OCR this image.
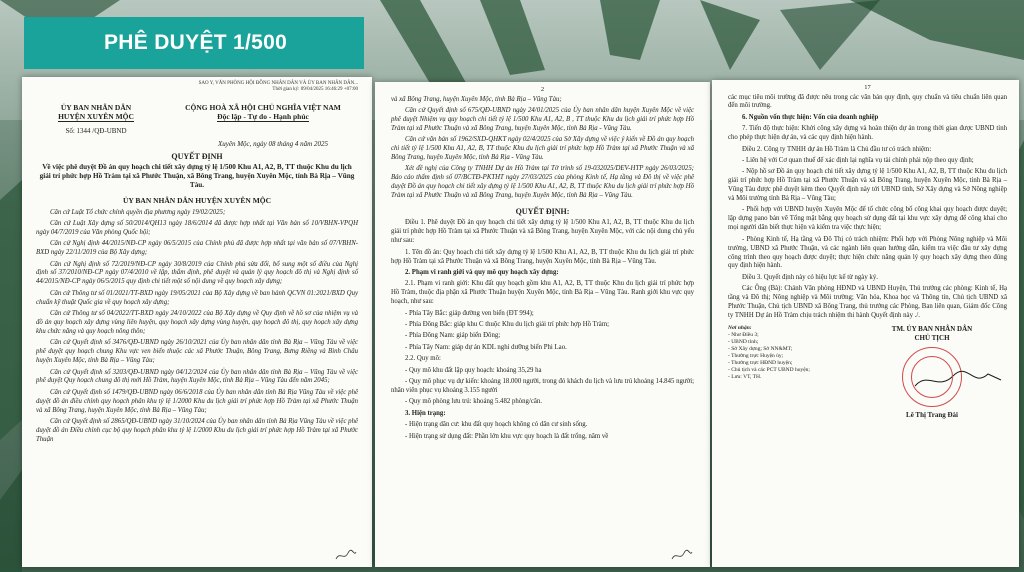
PHÊ DUYỆT 1/500
SAO Y, VĂN PHÒNG HỘI ĐỒNG NHÂN DÂN VÀ ỦY BAN NHÂN DÂN...
Thời gian ký: 09/04/2025 16:46:29 +07:00
ỦY BAN NHÂN DÂN
HUYỆN XUYÊN MỘC
Số: 1344 /QĐ-UBND
CỘNG HOÀ XÃ HỘI CHỦ NGHĨA VIỆT NAM
Độc lập - Tự do - Hạnh phúc
Xuyên Mộc, ngày 08 tháng 4 năm 2025
QUYẾT ĐỊNH
Về việc phê duyệt Đồ án quy hoạch chi tiết xây dựng tỷ lệ 1/500 Khu A1, A2, B, TT thuộc Khu du lịch giải trí phức hợp Hồ Tràm tại xã Phước Thuận, xã Bông Trang, huyện Xuyên Mộc, tỉnh Bà Rịa – Vũng Tàu.
ỦY BAN NHÂN DÂN HUYỆN XUYÊN MỘC
Căn cứ Luật Tổ chức chính quyền địa phương ngày 19/02/2025;
Căn cứ Luật Xây dựng số 50/2014/QH13 ngày 18/6/2014 đã được hợp nhất tại Văn bản số 10/VBHN-VPQH ngày 04/7/2019 của Văn phòng Quốc hội;
Căn cứ Nghị định 44/2015/NĐ-CP ngày 06/5/2015 của Chính phủ đã được hợp nhất tại văn bản số 07/VBHN-BXD ngày 22/11/2019 của Bộ Xây dựng;
Căn cứ Nghị định số 72/2019/NĐ-CP ngày 30/8/2019 của Chính phủ sửa đổi, bổ sung một số điều của Nghị định số 37/2010/NĐ-CP ngày 07/4/2010 về lập, thẩm định, phê duyệt và quản lý quy hoạch đô thị và Nghị định số 44/2015/NĐ-CP ngày 06/5/2015 quy định chi tiết một số nội dung về quy hoạch xây dựng;
Căn cứ Thông tư số 01/2021/TT-BXD ngày 19/05/2021 của Bộ Xây dựng về ban hành QCVN 01:2021/BXD Quy chuẩn kỹ thuật Quốc gia về quy hoạch xây dựng;
Căn cứ Thông tư số 04/2022/TT-BXD ngày 24/10/2022 của Bộ Xây dựng về Quy định về hồ sơ của nhiệm vụ và đồ án quy hoạch xây dựng vùng liên huyện, quy hoạch xây dựng vùng huyện, quy hoạch đô thị, quy hoạch xây dựng khu chức năng và quy hoạch nông thôn;
Căn cứ Quyết định số 3476/QĐ-UBND ngày 26/10/2021 của Ủy ban nhân dân tỉnh Bà Rịa – Vũng Tàu về việc phê duyệt quy hoạch chung Khu vực ven biển thuộc các xã Phước Thuận, Bông Trang, Bưng Riềng và Bình Châu huyện Xuyên Mộc, tỉnh Bà Rịa – Vũng Tàu;
Căn cứ Quyết định số 3203/QĐ-UBND ngày 04/12/2024 của Ủy ban nhân dân tỉnh Bà Rịa – Vũng Tàu về việc phê duyệt Quy hoạch chung đô thị mới Hồ Tràm, huyện Xuyên Mộc, tỉnh Bà Rịa – Vũng Tàu đến năm 2045;
Căn cứ Quyết định số 1479/QĐ-UBND ngày 06/6/2018 của Ủy ban nhân dân tỉnh Bà Rịa Vũng Tàu về việc phê duyệt đồ án điều chỉnh quy hoạch phân khu tỷ lệ 1/2000 Khu du lịch giải trí phức hợp Hồ Tràm tại xã Phước Thuận và xã Bông Trang, huyện Xuyên Mộc, tỉnh Bà Rịa – Vũng Tàu;
Căn cứ Quyết định số 2865/QĐ-UBND ngày 31/10/2024 của Ủy ban nhân dân tỉnh Bà Rịa Vũng Tàu về việc phê duyệt đồ án Điều chỉnh cục bộ quy hoạch phân khu tỷ lệ 1/2000 Khu du lịch giải trí phức hợp Hồ Tràm tại xã Phước Thuận
2
và xã Bông Trang, huyện Xuyên Mộc, tỉnh Bà Rịa – Vũng Tàu;
Căn cứ Quyết định số 675/QĐ-UBND ngày 24/01/2025 của Ủy ban nhân dân huyện Xuyên Mộc về việc phê duyệt Nhiệm vụ quy hoạch chi tiết tỷ lệ 1/500 Khu A1, A2, B , TT thuộc Khu du lịch giải trí phức hợp Hồ Tràm tại xã Phước Thuận và xã Bông Trang, huyện Xuyên Mộc, tỉnh Bà Rịa - Vũng Tàu.
Căn cứ văn bản số 1962/SXD-QHKT ngày 02/4/2025 của Sở Xây dựng về việc ý kiến về Đồ án quy hoạch chi tiết tỷ lệ 1/500 Khu A1, A2, B, TT thuộc Khu du lịch giải trí phức hợp Hồ Tràm tại xã Phước Thuận và xã Bông Trang, huyện Xuyên Mộc, tỉnh Bà Rịa - Vũng Tàu.
Xét đề nghị của Công ty TNHH Dự án Hồ Tràm tại Tờ trình số 19-032025/DEV-HTP ngày 26/03/2025; Báo cáo thẩm định số 07/BCTĐ-PKTHT ngày 27/03/2025 của phòng Kinh tế, Hạ tầng và Đô thị về việc phê duyệt Đồ án quy hoạch chi tiết xây dựng tỷ lệ 1/500 Khu A1, A2, B, TT thuộc Khu du lịch giải trí phức hợp Hồ Tràm tại xã Phước Thuận và xã Bông Trang, huyện Xuyên Mộc, tỉnh Bà Rịa – Vũng Tàu.
QUYẾT ĐỊNH:
Điều 1. Phê duyệt Đồ án quy hoạch chi tiết xây dựng tỷ lệ 1/500 Khu A1, A2, B, TT thuộc Khu du lịch giải trí phức hợp Hồ Tràm tại xã Phước Thuận và xã Bông Trang, huyện Xuyên Mộc, với các nội dung chủ yếu như sau:
1. Tên đồ án: Quy hoạch chi tiết xây dựng tỷ lệ 1/500 Khu A1, A2, B, TT thuộc Khu du lịch giải trí phức hợp Hồ Tràm tại xã Phước Thuận và xã Bông Trang, huyện Xuyên Mộc, tỉnh Bà Rịa – Vũng Tàu.
2. Phạm vi ranh giới và quy mô quy hoạch xây dựng:
2.1. Phạm vi ranh giới: Khu đất quy hoạch gồm khu A1, A2, B, TT thuộc Khu du lịch giải trí phức hợp Hồ Tràm, thuộc địa phận xã Phước Thuận huyện Xuyên Mộc, tỉnh Bà Rịa – Vũng Tàu. Ranh giới khu vực quy hoạch, như sau:
- Phía Tây Bắc: giáp đường ven biển (ĐT 994);
- Phía Đông Bắc: giáp khu C thuộc Khu du lịch giải trí phức hợp Hồ Tràm;
- Phía Đông Nam: giáp biển Đông;
- Phía Tây Nam: giáp dự án KDL nghỉ dưỡng biển Phi Lao.
2.2. Quy mô:
- Quy mô khu đất lập quy hoạch: khoảng 35,29 ha
- Quy mô phục vụ dự kiến: khoảng 18.000 người, trong đó khách du lịch và lưu trú khoảng 14.845 người; nhân viên phục vụ khoảng 3.155 người
- Quy mô phòng lưu trú: khoảng 5.482 phòng/căn.
3. Hiện trạng:
- Hiện trạng dân cư: khu đất quy hoạch không có dân cư sinh sống.
- Hiện trạng sử dụng đất: Phần lớn khu vực quy hoạch là đất trống, năm về
17
các mục tiêu môi trường đã được nêu trong các văn bản quy định, quy chuẩn và tiêu chuẩn liên quan đến môi trường.
6. Nguồn vốn thực hiện: Vốn của doanh nghiệp
7. Tiến độ thực hiện: Khởi công xây dựng và hoàn thiện dự án trong thời gian được UBND tỉnh cho phép thực hiện dự án, và các quy định hiện hành.
Điều 2. Công ty TNHH dự án Hồ Tràm là Chủ đầu tư có trách nhiệm:
- Liên hệ với Cơ quan thuế để xác định lại nghĩa vụ tài chính phải nộp theo quy định;
- Nộp hồ sơ Đồ án quy hoạch chi tiết xây dựng tỷ lệ 1/500 Khu A1, A2, B, TT thuộc Khu du lịch giải trí phức hợp Hồ Tràm tại xã Phước Thuận và xã Bông Trang, huyện Xuyên Mộc, tỉnh Bà Rịa – Vũng Tàu được phê duyệt kèm theo Quyết định này tới UBND tỉnh, Sở Xây dựng và Sở Nông nghiệp và Môi trường tỉnh Bà Rịa – Vũng Tàu;
- Phối hợp với UBND huyện Xuyên Mộc để tổ chức công bố công khai quy hoạch được duyệt; lập dựng pano bản vẽ Tổng mặt bằng quy hoạch sử dụng đất tại khu vực xây dựng để công khai cho mọi người dân biết thực hiện và kiểm tra việc thực hiện;
- Phòng Kinh tế, Hạ tầng và Đô Thị có trách nhiệm: Phối hợp với Phòng Nông nghiệp và Môi trường, UBND xã Phước Thuận, và các ngành liên quan hướng dẫn, kiểm tra việc đầu tư xây dựng công trình theo quy hoạch được duyệt; thực hiện chức năng quản lý quy hoạch xây dựng theo đúng quy định hiện hành.
Điều 3. Quyết định này có hiệu lực kể từ ngày ký.
Các Ông (Bà): Chánh Văn phòng HĐND và UBND Huyện, Thủ trưởng các phòng: Kinh tế, Hạ tầng và Đô thị; Nông nghiệp và Môi trường; Văn hóa, Khoa học và Thông tin, Chủ tịch UBND xã Phước Thuận, Chủ tịch UBND xã Bông Trang, thủ trưởng các Phòng, Ban liên quan, Giám đốc Công ty TNHH Dự án Hồ Tràm chịu trách nhiệm thi hành Quyết định này ./.
Nơi nhận:
- Như Điều 3;
- UBND tỉnh;
- Sở Xây dựng; Sở NN&MT;
- Thường trực Huyện ủy;
- Thường trực HĐND huyện;
- Chủ tịch và các PCT UBND huyện;
- Lưu: VT, TH.
TM. ỦY BAN NHÂN DÂN
CHỦ TỊCH
Lê Thị Trang Đài
